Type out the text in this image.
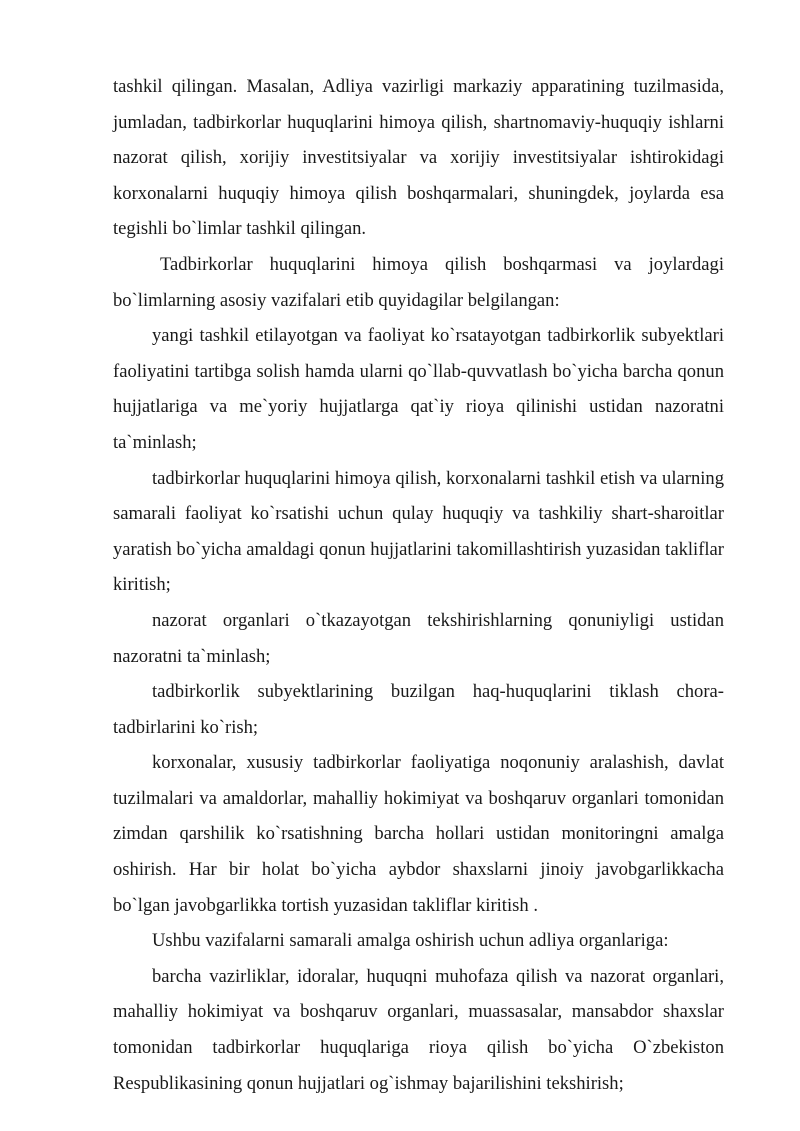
tashkil qilingan. Masalan, Adliya vazirligi markaziy apparatining tuzilmasida, jumladan, tadbirkorlar huquqlarini himoya qilish, shartnomaviy-huquqiy ishlarni nazorat qilish, xorijiy investitsiyalar va xorijiy investitsiyalar ishtirokidagi korxonalarni huquqiy himoya qilish boshqarmalari, shuningdek, joylarda esa tegishli bo`limlar tashkil qilingan.

Tadbirkorlar huquqlarini himoya qilish boshqarmasi va joylardagi bo`limlarning asosiy vazifalari etib quyidagilar belgilangan:

yangi tashkil etilayotgan va faoliyat ko`rsatayotgan tadbirkorlik subyektlari faoliyatini tartibga solish hamda ularni qo`llab-quvvatlash bo`yicha barcha qonun hujjatlariga va me`yoriy hujjatlarga qat`iy rioya qilinishi ustidan nazoratni ta`minlash;

tadbirkorlar huquqlarini himoya qilish, korxonalarni tashkil etish va ularning samarali faoliyat ko`rsatishi uchun qulay huquqiy va tashkiliy shart-sharoitlar yaratish bo`yicha amaldagi qonun hujjatlarini takomillashtirish yuzasidan takliflar kiritish;

nazorat organlari o`tkazayotgan tekshirishlarning qonuniyligi ustidan nazoratni ta`minlash;

tadbirkorlik subyektlarining buzilgan haq-huquqlarini tiklash chora-tadbirlarini ko`rish;

korxonalar, xususiy tadbirkorlar faoliyatiga noqonuniy aralashish, davlat tuzilmalari va amaldorlar, mahalliy hokimiyat va boshqaruv organlari tomonidan zimdan qarshilik ko`rsatishning barcha hollari ustidan monitoringni amalga oshirish. Har bir holat bo`yicha aybdor shaxslarni jinoiy javobgarlikkacha bo`lgan javobgarlikka tortish yuzasidan takliflar kiritish .

Ushbu vazifalarni samarali amalga oshirish uchun adliya organlariga:

barcha vazirliklar, idoralar, huquqni muhofaza qilish va nazorat organlari, mahalliy hokimiyat va boshqaruv organlari, muassasalar, mansabdor shaxslar tomonidan tadbirkorlar huquqlariga rioya qilish bo`yicha O`zbekiston Respublikasining qonun hujjatlari og`ishmay bajarilishini tekshirish;
